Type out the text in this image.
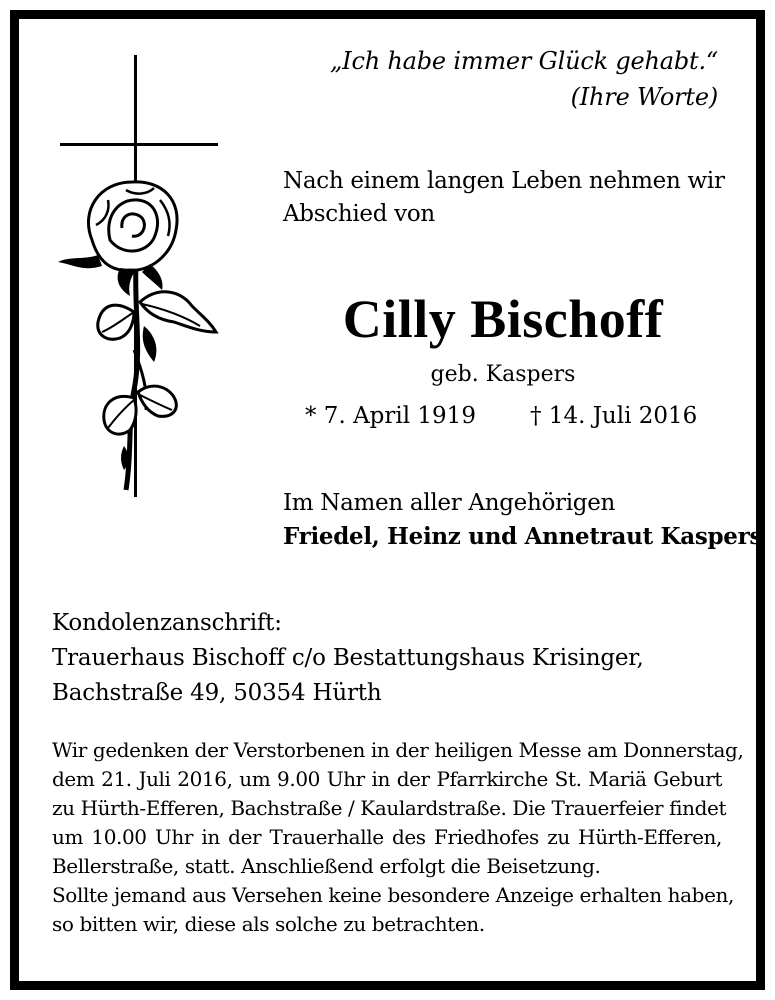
„Ich habe immer Glück gehabt.“
(Ihre Worte)
Nach einem langen Leben nehmen wir
Abschied von
Cilly Bischoff
geb. Kaspers
* 7. April 1919 † 14. Juli 2016
Im Namen aller Angehörigen
Friedel, Heinz und Annetraut Kaspers
Kondolenzanschrift:
Trauerhaus Bischoff c/o Bestattungshaus Krisinger,
Bachstraße 49, 50354 Hürth
Wir gedenken der Verstorbenen in der heiligen Messe am Donnerstag,
dem 21. Juli 2016, um 9.00 Uhr in der Pfarrkirche St. Mariä Geburt
zu Hürth-Efferen, Bachstraße / Kaulardstraße. Die Trauerfeier findet
um 10.00 Uhr in der Trauerhalle des Friedhofes zu Hürth-Efferen,
Bellerstraße, statt. Anschließend erfolgt die Beisetzung.
Sollte jemand aus Versehen keine besondere Anzeige erhalten haben,
so bitten wir, diese als solche zu betrachten.
